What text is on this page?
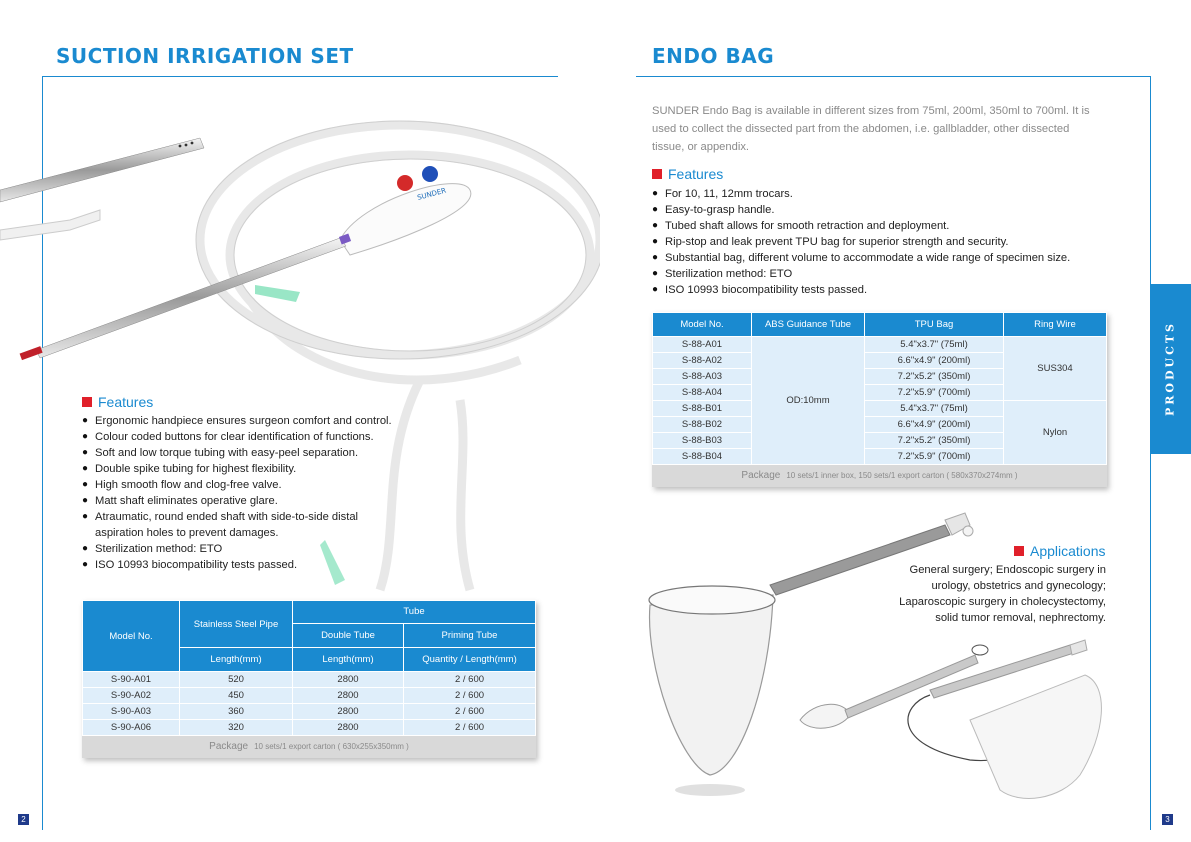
SUCTION IRRIGATION SET
SUNDER
Features
● Ergonomic handpiece ensures surgeon comfort and control.
● Colour coded buttons for clear identification of functions.
● Soft and low torque tubing with easy-peel separation.
● Double spike tubing for highest flexibility.
● High smooth flow and clog-free valve.
● Matt shaft eliminates operative glare.
● Atraumatic, round ended shaft with side-to-side distal aspiration holes to prevent damages.
● Sterilization method: ETO
● ISO 10993 biocompatibility tests passed.
Model No.	Stainless Steel Pipe	Tube	
		Double Tube	Priming Tube
	Length(mm)	Length(mm)	Quantity / Length(mm)
S-90-A01	520	2800	2 / 600
S-90-A02	450	2800	2 / 600
S-90-A03	360	2800	2 / 600
S-90-A06	320	2800	2 / 600
Package 10 sets/1 export carton ( 630x255x350mm )
2
ENDO BAG
SUNDER Endo Bag is available in different sizes from 75ml, 200ml, 350ml to 700ml. It is used to collect the dissected part from the abdomen, i.e. gallbladder, other dissected tissue, or appendix.
Features
● For 10, 11, 12mm trocars.
● Easy-to-grasp handle.
● Tubed shaft allows for smooth retraction and deployment.
● Rip-stop and leak prevent TPU bag for superior strength and security.
● Substantial bag, different volume to accommodate a wide range of specimen size.
● Sterilization method: ETO
● ISO 10993 biocompatibility tests passed.
Model No.	ABS Guidance Tube	TPU Bag	Ring Wire
S-88-A01	OD:10mm	5.4"x3.7" (75ml)	SUS304
S-88-A02		6.6"x4.9" (200ml)	
S-88-A03		7.2"x5.2" (350ml)	
S-88-A04		7.2"x5.9" (700ml)	
S-88-B01		5.4"x3.7" (75ml)	Nylon
S-88-B02		6.6"x4.9" (200ml)	
S-88-B03		7.2"x5.2" (350ml)	
S-88-B04		7.2"x5.9" (700ml)	
Package 10 sets/1 inner box, 150 sets/1 export carton ( 580x370x274mm )
Applications
General surgery; Endoscopic surgery in
urology, obstetrics and gynecology;
Laparoscopic surgery in cholecystectomy,
solid tumor removal, nephrectomy.
PRODUCTS
3
